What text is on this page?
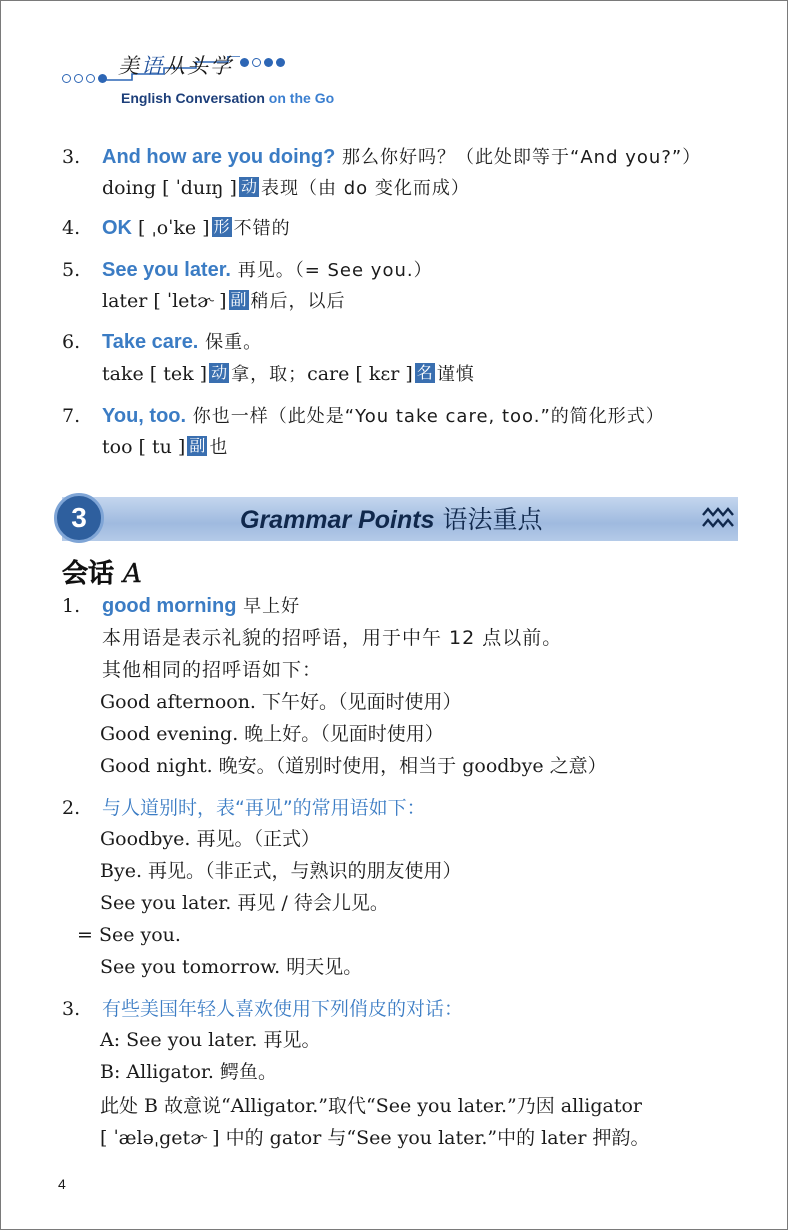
美语从头学
English Conversation on the Go
3. And how are you doing? 那么你好吗？（此处即等于“And you?”）
doing [ ˈduɪŋ ] 动 表现（由 do 变化而成）
4. OK [ ˌoˈke ] 形 不错的
5. See you later. 再见。（= See you.）
later [ ˈletɚ ] 副 稍后，以后
6. Take care. 保重。
take [ tek ] 动 拿，取；care [ kɛr ] 名 谨慎
7. You, too. 你也一样（此处是“You take care, too.”的简化形式）
too [ tu ] 副 也
3	Grammar Points 语法重点
会话 A
1. good morning 早上好
本用语是表示礼貌的招呼语，用于中午 12 点以前。
其他相同的招呼语如下：
Good afternoon. 下午好。（见面时使用）
Good evening. 晚上好。（见面时使用）
Good night. 晚安。（道别时使用，相当于 goodbye 之意）
2. 与人道别时，表“再见”的常用语如下：
Goodbye. 再见。（正式）
Bye. 再见。（非正式，与熟识的朋友使用）
See you later. 再见 / 待会儿见。
= See you.
See you tomorrow. 明天见。
3. 有些美国年轻人喜欢使用下列俏皮的对话：
A: See you later. 再见。
B: Alligator. 鳄鱼。
此处 B 故意说“Alligator.”取代“See you later.”乃因 alligator
[ ˈæləˌgetɚ ] 中的 gator 与“See you later.”中的 later 押韵。
4
